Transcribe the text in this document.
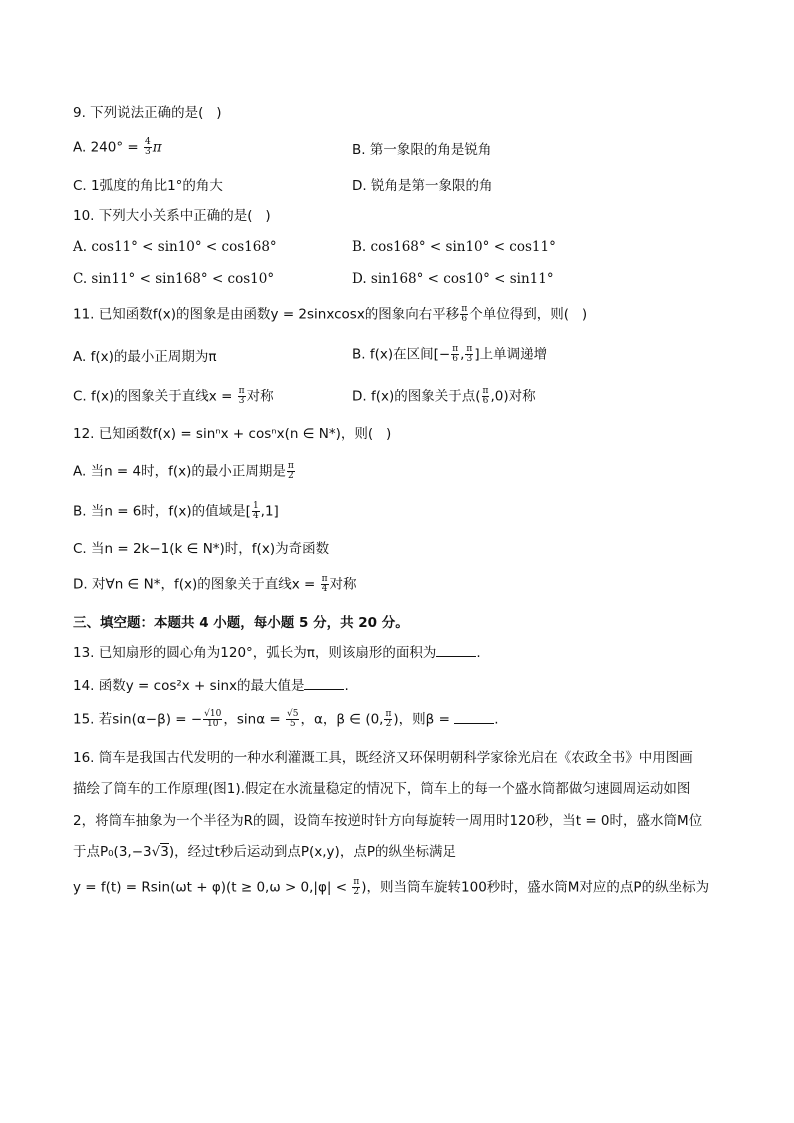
9. 下列说法正确的是(   )
A. $240^\circ = \frac{4}{3}$ π	B. 第一象限的角是锐角
C. 1弧度的角比1°的角大	D. 锐角是第一象限的角
10. 下列大小关系中正确的是(   )
A. cos11° < sin10° < cos168°	B. cos168° < sin10° < cos11°
C. sin11° < sin168° < cos10°	D. sin168° < cos10° < sin11°
11. 已知函数f(x)的图象是由函数y = 2sinxcosx的图象向右平移 $\frac{\pi}{6}$ 个单位得到，则(   )
A. f(x)的最小正周期为π	B. f(x)在区间[− $\frac{\pi}{6}$ , $\frac{\pi}{3}$ ]上单调递增
C. f(x)的图象关于直线$x = \frac{\pi}{3}$ 对称	D. f(x)的图象关于点( $\frac{\pi}{6} ,0$)对称
12. 已知函数f(x) = sinⁿx + cosⁿx(n ∈ N*)，则(   )
A. 当n = 4时，f(x)的最小正周期是 $\frac{\pi}{2}$
B. 当n = 6时，f(x)的值域是[ $\frac{1}{4} ,1$]
C. 当n = 2k−1(k ∈ N*)时，f(x)为奇函数
D. 对∀n ∈ N*，f(x)的图象关于直线$x = \frac{\pi}{4}$ 对称
三、填空题：本题共 4 小题，每小题 5 分，共 20 分。
13. 已知扇形的圆心角为120°，弧长为π，则该扇形的面积为	.
14. 函数y = cos²x + sinx的最大值是	.
15. 若sin(α−β) = − $\frac{√10}{10}$ ，$\sin\alpha = \frac{√5}{5}$ ，α，β ∈ (0, $\frac{\pi}{2}$ )，则β =	.
16. 筒车是我国古代发明的一种水利灌溉工具，既经济又环保明朝科学家徐光启在《农政全书》中用图画
描绘了筒车的工作原理(图1).假定在水流量稳定的情况下，筒车上的每一个盛水筒都做匀速圆周运动如图
2，将筒车抽象为一个半径为R的圆，设筒车按逆时针方向每旋转一周用时120秒，当t = 0时，盛水筒M位
于点P₀(3,−3√3)，经过t秒后运动到点P(x,y)，点P的纵坐标满足
$y = f(t) = Rsin(\omega t + \varphi)(t \ge 0,\omega > 0,|\varphi| < \frac{\pi}{2}$ )，则当筒车旋转100秒时，盛水筒M对应的点P的纵坐标为
